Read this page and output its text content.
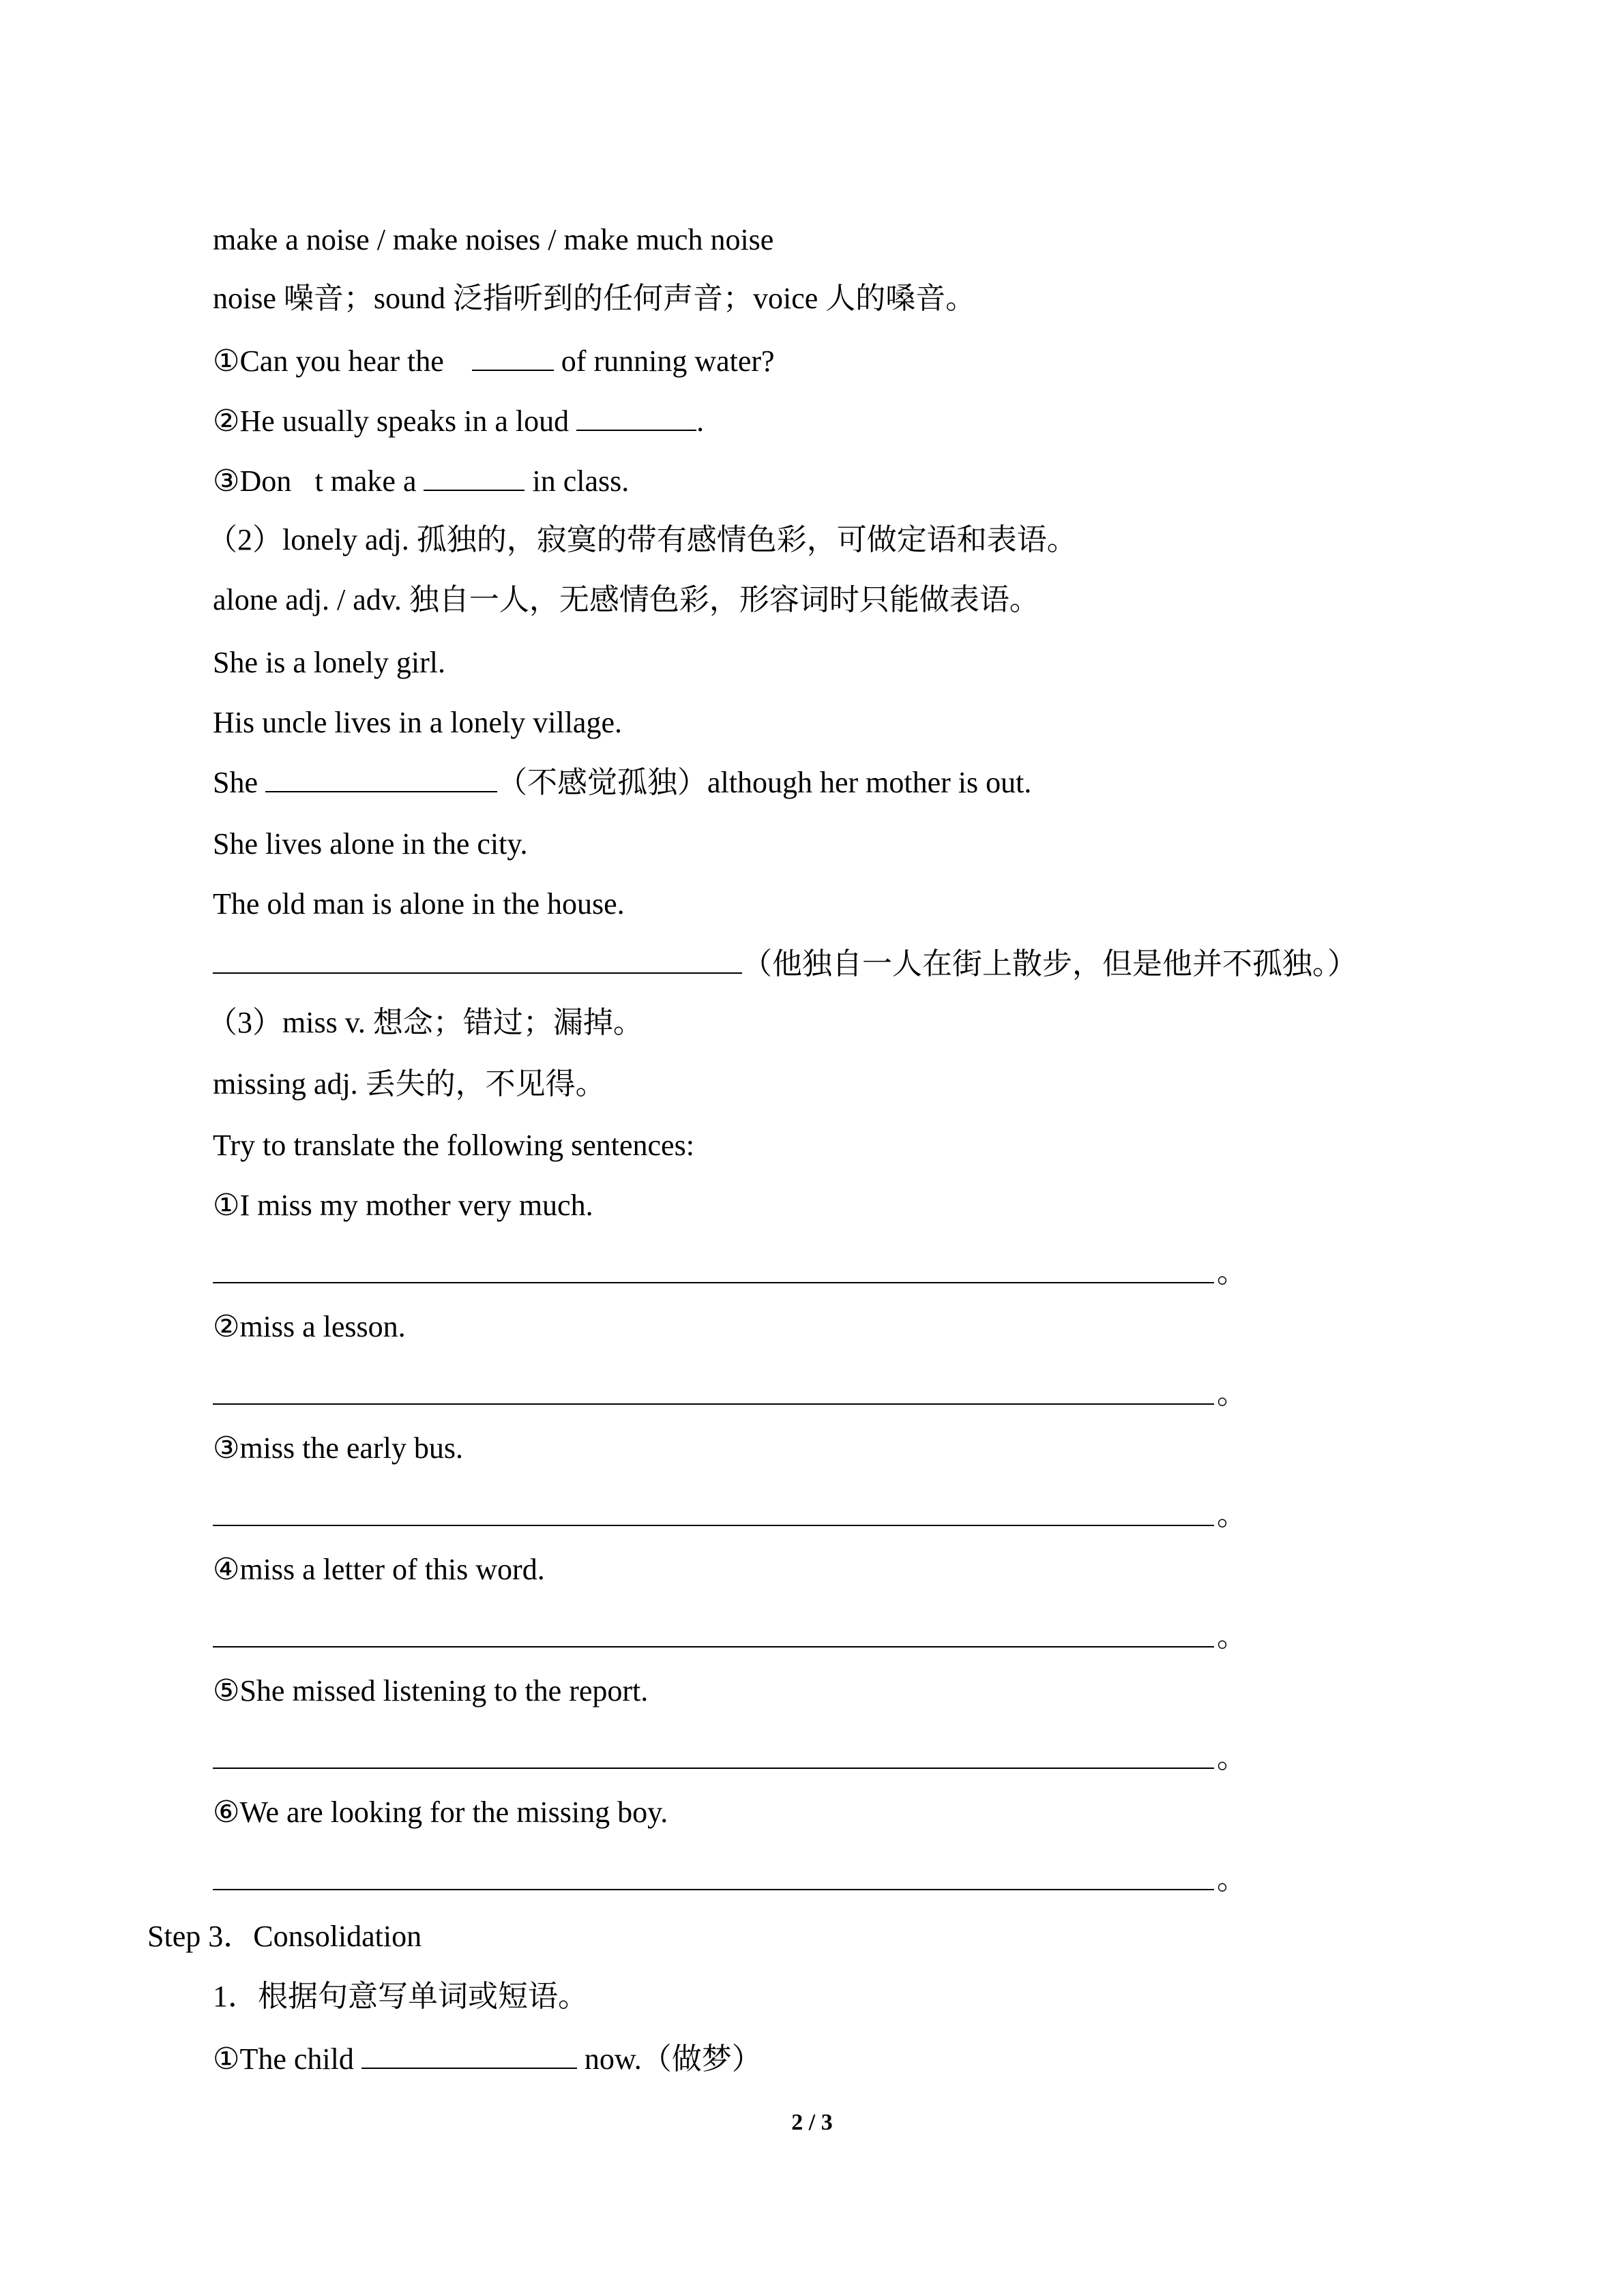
make a noise / make noises / make much noise
noise 噪音；sound 泛指听到的任何声音；voice 人的嗓音。
①Can you hear the	of running water?
②He usually speaks in a loud	.
③Don t make a	in class.
（2）lonely adj. 孤独的，寂寞的带有感情色彩，可做定语和表语。
alone adj. / adv. 独自一人，无感情色彩，形容词时只能做表语。
She is a lonely girl.
His uncle lives in a lonely village.
She	（不感觉孤独）although her mother is out.
She lives alone in the city.
The old man is alone in the house.
（他独自一人在街上散步，但是他并不孤独。）
（3）miss v. 想念；错过；漏掉。
missing adj. 丢失的，不见得。
Try to translate the following sentences:
①I miss my mother very much.
。
②miss a lesson.
。
③miss the early bus.
。
④miss a letter of this word.
。
⑤She missed listening to the report.
。
⑥We are looking for the missing boy.
。
Step 3．Consolidation
1．根据句意写单词或短语。
①The child	now.（做梦）
2 / 3
